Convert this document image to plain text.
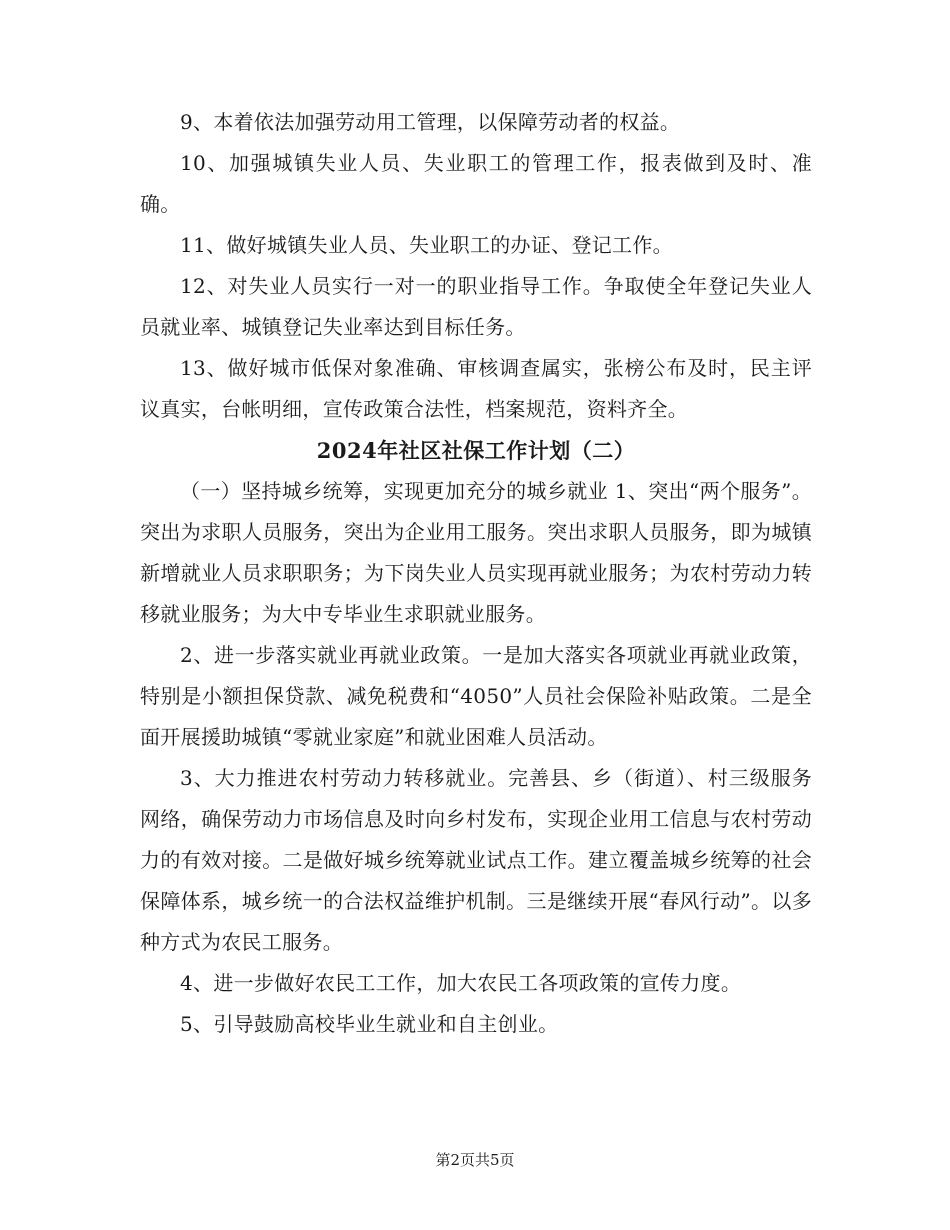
9、本着依法加强劳动用工管理，以保障劳动者的权益。

10、加强城镇失业人员、失业职工的管理工作，报表做到及时、准确。

11、做好城镇失业人员、失业职工的办证、登记工作。

12、对失业人员实行一对一的职业指导工作。争取使全年登记失业人员就业率、城镇登记失业率达到目标任务。

13、做好城市低保对象准确、审核调查属实，张榜公布及时，民主评议真实，台帐明细，宣传政策合法性，档案规范，资料齐全。

2024年社区社保工作计划（二）

（一）坚持城乡统筹，实现更加充分的城乡就业 1、突出“两个服务”。突出为求职人员服务，突出为企业用工服务。突出求职人员服务，即为城镇新增就业人员求职职务；为下岗失业人员实现再就业服务；为农村劳动力转移就业服务；为大中专毕业生求职就业服务。

2、进一步落实就业再就业政策。一是加大落实各项就业再就业政策，特别是小额担保贷款、减免税费和“4050”人员社会保险补贴政策。二是全面开展援助城镇“零就业家庭”和就业困难人员活动。

3、大力推进农村劳动力转移就业。完善县、乡（街道）、村三级服务网络，确保劳动力市场信息及时向乡村发布，实现企业用工信息与农村劳动力的有效对接。二是做好城乡统筹就业试点工作。建立覆盖城乡统筹的社会保障体系，城乡统一的合法权益维护机制。三是继续开展“春风行动”。以多种方式为农民工服务。

4、进一步做好农民工工作，加大农民工各项政策的宣传力度。

5、引导鼓励高校毕业生就业和自主创业。

第2页共5页
